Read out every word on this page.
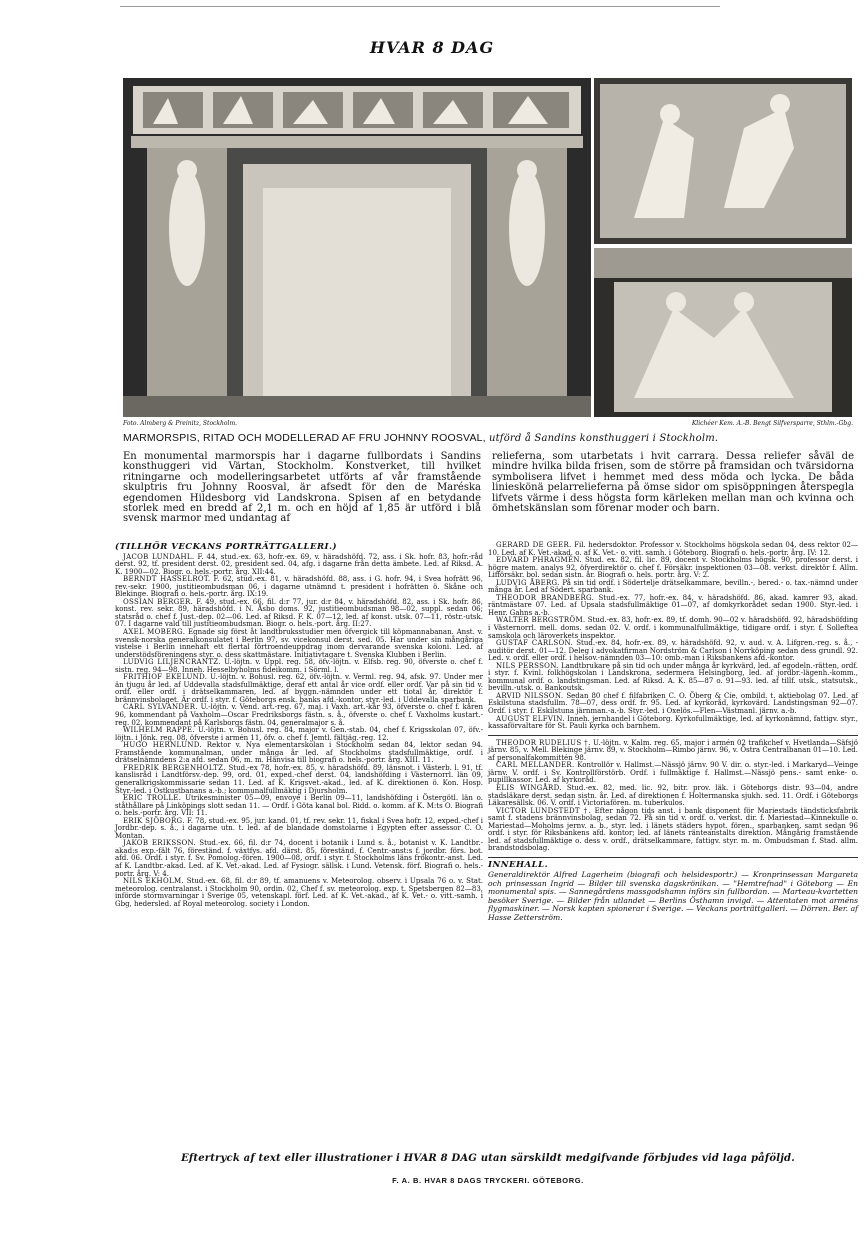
HVAR 8 DAG
Foto. Almberg & Preinitz, Stockholm.	Klichéer Kem. A.-B. Bengt Silfversparre, Sthlm.-Gbg.
MARMORSPIS, RITAD OCH MODELLERAD AF FRU JOHNNY ROOSVAL, utförd å Sandins konsthuggeri i Stockholm.
En monumental marmorspis har i dagarne fullbordats i Sandins konsthuggeri vid Värtan, Stockholm. Konstverket, till hvilket ritningarne och modelleringsarbetet utförts af vår framstående skulptris fru Johnny Roosval, är afsedt för den de Maréska egendomen Hildesborg vid Landskrona. Spisen af en betydande storlek med en bredd af 2,1 m. och en höjd af 1,85 är utförd i blå svensk marmor med undantag af
relieferna, som utarbetats i hvit carrara. Dessa reliefer såväl de mindre hvilka bilda frisen, som de större på framsidan och tvärsidorna symbolisera lifvet i hemmet med dess möda och lycka. De båda linieskönä pelarrelieferna på ömse sidor om spisöppningen återspegla lifvets värme i dess högsta form kärleken mellan man och kvinna och ömhetskänslan som förenar moder och barn.
(TILLHÖR VECKANS PORTRÄTTGALLERI.)

JACOB LUNDAHL. F. 44, stud.-ex. 63, hofr.-ex. 69, v. häradshöfd. 72, ass. i Sk. hofr. 83, hofr.-råd derst. 92, tf. president derst. 02, president sed. 04, afg. i dagarne från detta ämbete. Led. af Riksd. A. K. 1900—02. Biogr. o. hels.-portr. årg. XII:44.

BERNDT HASSELROT. F. 62, stud.-ex. 81, v. häradshöfd. 88, ass. i G. hofr. 94, i Svea hofrätt 96, rev.-sekr. 1900, justitieombudsman 06, i dagarne utnämnd t. president i hofrätten ö. Skåne och Blekinge. Biografi o. hels.-portr. årg. IX:19.

OSSIAN BERGER. F. 49, stud.-ex. 66, fil. d:r 77, jur. d:r 84, v. häradshöfd. 82, ass. i Sk. hofr. 86, konst. rev. sekr. 89, häradshöfd. i N. Åsbo doms. 92, justitieombudsman 98—02, suppl. sedan 06; statsråd o. chef f. Just.-dep. 02—06. Led. af Riksd. F. K. 07—12, led. af konst. utsk. 07—11, röstr.-utsk. 07. I dagarne vald till justitieombudsman. Biogr. o. hels.-port. årg. II:27.

AXEL MOBERG. Egnade sig först åt landtbruksstudier men öfvergick till köpmannabanan. Anst. v. svensk-norska generalkonsulatet i Berlin 97, sv. vicekonsul derst. sed. 05. Har under sin mångåriga vistelse i Berlin innehaft ett flertal förtroendeuppdrag inom dervarande svenska koloni. Led. af understödsföreningens styr. o. dess skattmästare. Initiativtagare t. Svenska Klubben i Berlin.

LUDVIG LILJENCRANTZ. U.-löjtn. v. Uppl. reg. 58, öfv.-löjtn. v. Elfsb. reg. 90, öfverste o. chef f. sistn. reg. 94—98. Inneh. Hesselbyholms fideikomm. i Sörml. l.

FRITHIOF EKELUND. U.-löjtn. v. Bohusl. reg. 62, öfv.-löjtn. v. Verml. reg. 94, afsk. 97. Under mer än tjugu år led. af Uddevalla stadsfullmäktige, deraf ett antal år vice ordf. eller ordf. Var på sin tid v. ordf. eller ordf. i drätselkammaren, led. af byggn.-nämnden under ett tiotal år, direktör f. brännvinsbolaget. Är ordf. i styr. f. Göteborgs ensk. banks afd.-kontor, styr.-led. i Uddevalla sparbank.

CARL SYLVANDER. U.-löjtn. v. Vend. art.-reg. 67, maj. i Vaxh. art.-kår 93, öfverste o. chef f. kåren 96, kommendant på Vaxholm—Oscar Fredriksborgs fästn. s. å., öfverste o. chef f. Vaxholms kustart.-reg. 02, kommendant på Karlsborgs fästn. 04, generalmajor s. å.

WILHELM RAPPE. U.-löjtn. v. Bohusl. reg. 84, major v. Gen.-stab. 04, chef f. Krigsskolan 07, öfv.-löjtn. i Jönk. reg. 08, öfverste i armén 11, öfv. o. chef f. Jemtl. fältjäg.-reg. 12.

HUGO HERNLUND. Rektor v. Nya elementarskolan i Stockholm sedan 84, lektor sedan 94. Framstående kommunalman, under många år led. af Stockholms stadsfullmäktige, ordf. i drätselnämndens 2:a afd. sedan 06, m. m. Hänvisa till biografi o. hels.-portr. årg. XIII. 11.

FREDRIK BERGENHOLTZ. Stud.-ex 78, hofr.-ex. 85, v. häradshöfd. 89, länsnot. i Västerb. l. 91, tf. kanslisråd i Landtförsv.-dep. 99, ord. 01, exped.-chef derst. 04, landshöfding i Västernorrl. län 09, generalkrigskommissarie sedan 11. Led. af K. Krigsvet.-akad., led. af K. direktionen ö. Kon. Hosp. Styr.-led. i Ostkustbanans a.-b.; kommunalfullmäktig i Djursholm.

ERIC TROLLE. Utrikesminister 05—09, envoyé i Berlin 09—11, landshöfding i Östergötl. län o. ståthållare på Linköpings slott sedan 11. — Ordf. i Göta kanal bol. Ridd. o. komm. af K. M:ts O. Biografi o. hels.-portr. årg. VII: 11.

ERIK SJÖBORG. F. 78, stud.-ex. 95, jur. kand. 01, tf. rev. sekr. 11, fiskal i Svea hofr. 12, exped.-chef i Jordbr.-dep. s. å., i dagarne utn. t. led. af de blandade domstolarne i Egypten efter assessor C. O. Montan.

JAKOB ERIKSSON. Stud.-ex. 66, fil. d:r 74, docent i botanik i Lund s. å., botanist v. K. Landtbr.-akad:s exp.-fält 76, föreständ. f. växtfys. afd. därst. 85, föreständ. f. Centr.-anst:s f. jordbr. förs. bot. afd. 06. Ordf. i styr. f. Sv. Pomolog.-fören. 1900—08, ordf. i styr. f. Stockholms läns frökontr.-anst. Led. af K. Landtbr.-akad. Led. af K. Vet.-akad. Led. af Fysiogr. sällsk. i Lund. Vetensk. förf. Biografi o. hels.-portr. årg. V: 4.

NILS EKHOLM. Stud.-ex. 68, fil. d:r 89, tf. amanuens v. Meteorolog. observ. i Upsala 76 o. v. Stat. meteorolog. centralanst. i Stockholm 90, ordin. 02, Chef f. sv. meteorolog. exp. t. Spetsbergen 82—83, införde stormvarningar i Sverige 05, vetenskapl. förf. Led. af K. Vet.-akad., af K. Vet.- o. vitt.-samh. i Gbg, hedersled. af Royal meteorolog. society i London.

GERARD DE GEER. Fil. hedersdoktor. Professor v. Stockholms högskola sedan 04, dess rektor 02—10. Led. af K. Vet.-akad. o. af K. Vet.- o. vitt. samh. i Göteborg. Biografi o. hels.-portr. årg. IV: 12.

EDVARD PHRAGMÉN. Stud. ex. 82, fil. lic. 89, docent v. Stockholms högsk. 90, professor derst. i högre matem. analys 92, öfverdirektör o. chef f. Försäkr. inspektionen 03—08. verkst. direktör f. Allm. Lifförsäkr. bol. sedan sistn. år. Biografi o. hels. portr. årg. V: 2.

LUDVIG ÅBERG. På sin tid ordf. i Södertelje drätselkammare, bevilln.-, bered.- o. tax.-nämnd under många år. Led af Södert. sparbank.

THEODOR BRANDBERG. Stud.-ex. 77, hofr.-ex. 84, v. häradshöfd. 86, akad. kamrer 93, akad. räntmästare 07. Led. af Upsala stadsfullmäktige 01—07, af domkyrkorådet sedan 1900. Styr.-led. i Henr. Gahns a.-b.

WALTER BERGSTRÖM. Stud.-ex. 83, hofr.-ex. 89, tf. domh. 90—02 v. häradshöfd. 92, häradshöfding i Västernorrl. mell. doms. sedan 02. V. ordf. i kommunalfullmäktige, tidigare ordf. i styr. f. Solleftea samskola och läroverkets inspektor.

GUSTAF CARLSON. Stud.-ex. 84, hofr.-ex. 89, v. häradshöfd. 92, v. aud. v. A. Lifgren.-reg. s. å., -auditör derst. 01—12. Deleg i advokatfirman Nordström & Carlson i Norrköping sedan dess grundl. 92. Led. v. ordf. eller ordf. i helsov.-nämnden 03—10: omb.-man i Riksbankens afd.-kontor.

NILS PERSSON. Landtbrukare på sin tid och under många år kyrkvärd, led. af egodeln.-rätten, ordf. i styr. f. Kvinl. folkhögskolan i Landskrona, sedermera Helsingborg, led. af jordbr.-lägenh.-komm., kommunal ordf. o. landstingsman. Led. af Riksd. A. K. 85—87 o. 91—93. led. af tillf. utsk., statsutsk., bevilln.-utsk. o. Bankoutsk.

ARVID NILSSON. Sedan 80 chef f. filfabriken C. O. Öberg & Cie, ombild. t. aktiebolag 07. Led. af Eskilstuna stadsfullm. 78—07, dess ordf. fr. 95. Led. af kyrkoråd, kyrkovärd. Landstingsman 92—07. Ordf. i styr. f. Eskilstuna järnman.-a.-b. Styr.-led. i Oxelös.—Flen—Västmanl. järnv. a.-b.

AUGUST ELFVIN. Inneh. jernhandel i Göteborg. Kyrkofullmäktige, led. af kyrkonämnd, fattigv. styr., kassaförvaltare för St. Pauli kyrka och barnhem.

THEODOR RUDELIUS †. U.-löjtn. v. Kalm. reg. 65, major i armén 02 trafikchef v. Hvetlanda—Säfsjö järnv. 85, v. Mell. Blekinge järnv. 89, v. Stockholm—Rimbo järnv. 96, v. Östra Centralbanan 01—10. Led. af personalfakommittén 98.

CARL MELLANDER. Kontrollör v. Hallmst.—Nässjö järnv. 90 V. dir. o. styr.-led. i Markaryd—Veinge järnv. V. ordf. i Sv. Kontrollförstörb. Ordf. i fullmäktige f. Hallmst.—Nässjö pens.- samt enke- o. pupillkassor. Led. af kyrkoråd.

ELIS WINGÅRD. Stud.-ex. 82, med. lic. 92, bitr. prov. läk. i Göteborgs distr. 93—04, andre stadsläkare derst. sedan sistn. år. Led. af direktionen f. Holtermanska sjukh. sed. 11. Ordf. i Göteborgs Läkaresällsk. 06. V. ordf. i Victoriafören. m. tuberkulos.

VICTOR LUNDSTEDT †. Efter någon tids anst. i bank disponent för Mariestads tändsticksfabrik samt f. stadens brännvinsbolag, sedan 72. På sin tid v. ordf. o. verkst. dir. f. Mariestad—Kinnekulle o. Mariestad—Moholms jernv. a. b., styr. led. i länets städers hypot. fören., sparbanken, samt sedan 96 ordf. i styr. för Riksbankens afd. kontor; led. af länets ränteanstalts direktion. Mångårig framstående led. af stadsfullmäktige o. dess v. ordf., drätselkammare, fattigv. styr. m. m. Ombudsman f. Stad. allm. brandstodsbolag.

INNEHALL.
Generaldirektör Alfred Lagerheim (biografi och helsidesportr.) — Kronprinsessan Margareta och prinsessan Ingrid — Bilder till svenska dagskrönikan. — "Hemtrefnad" i Göteborg — En monumental spis. — Sannegårdens massgodshamn införs sin fullbordan. — Marteau-kvartetten besöker Sverige. — Bilder från utlandet — Berlins Östhamn invigd. — Attentaten mot arméns flygmaskiner. — Norsk kapten spionerar i Sverige. — Veckans porträttgalleri. — Dörren. Ber. af Hasse Zetterström.
Eftertryck af text eller illustrationer i HVAR 8 DAG utan särskildt medgifvande förbjudes vid laga påföljd.
F. A. B. HVAR 8 DAGS TRYCKERI. GÖTEBORG.
